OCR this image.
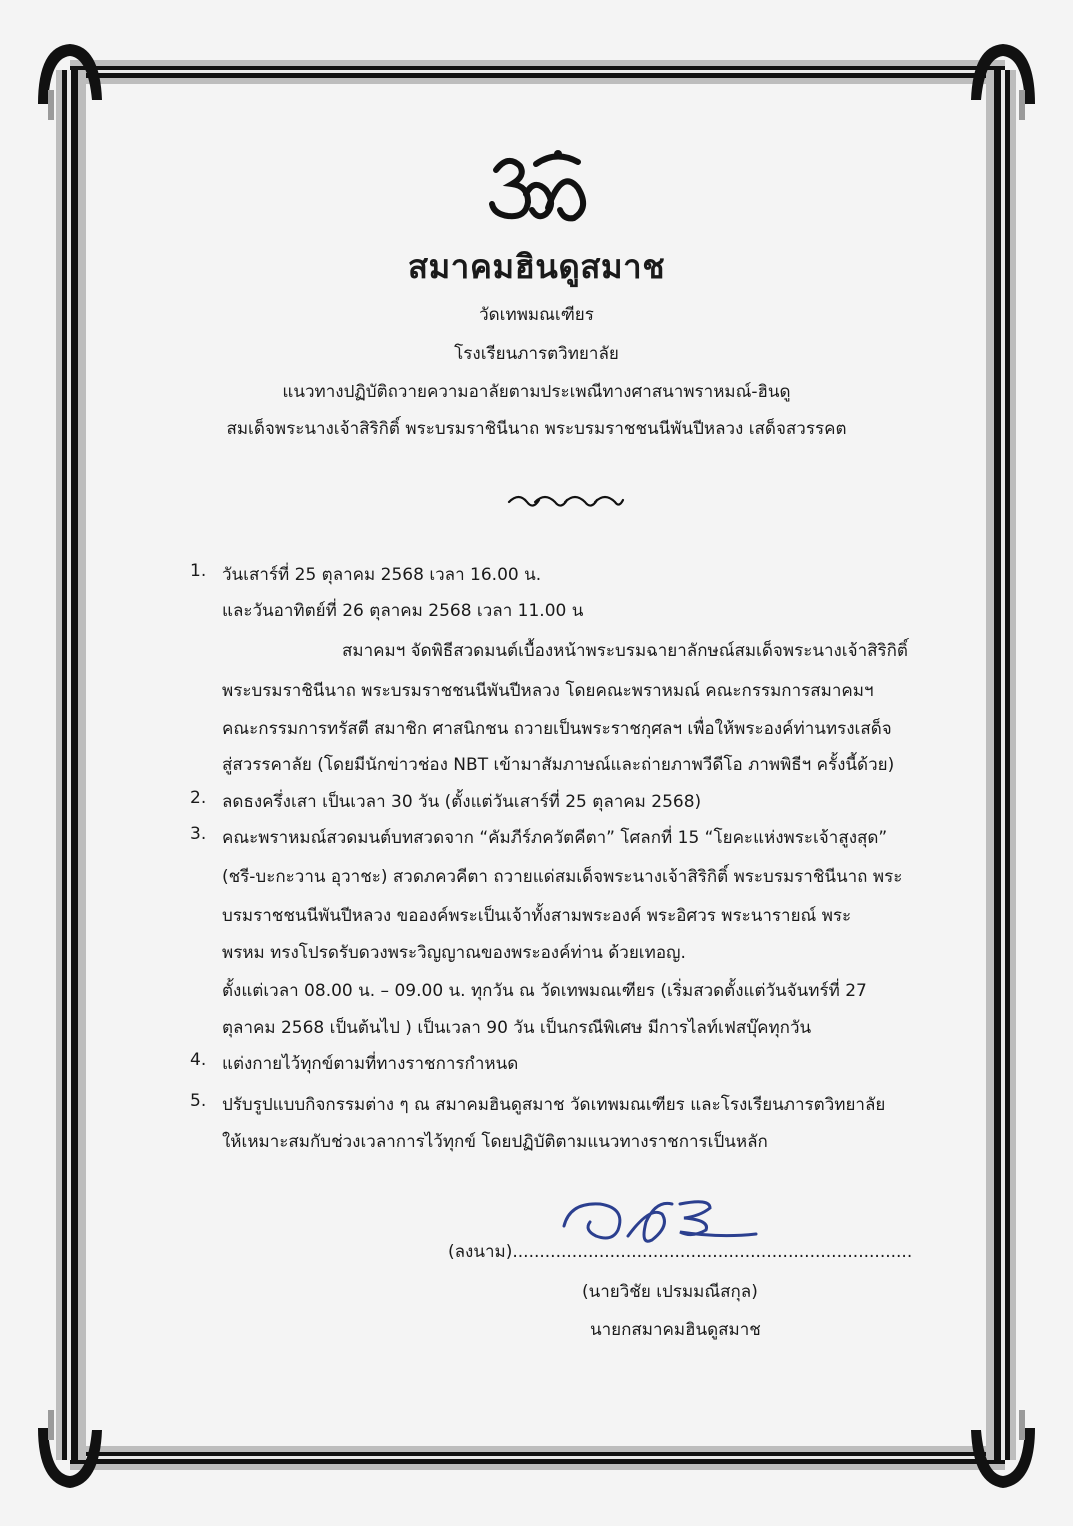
สมาคมฮินดูสมาช
วัดเทพมณเฑียร
โรงเรียนภารตวิทยาลัย
แนวทางปฏิบัติถวายความอาลัยตามประเพณีทางศาสนาพราหมณ์-ฮินดู
สมเด็จพระนางเจ้าสิริกิติ์ พระบรมราชินีนาถ พระบรมราชชนนีพันปีหลวง เสด็จสวรรคต
1. วันเสาร์ที่ 25 ตุลาคม 2568 เวลา 16.00 น.
และวันอาทิตย์ที่ 26 ตุลาคม 2568 เวลา 11.00 น
สมาคมฯ จัดพิธีสวดมนต์เบื้องหน้าพระบรมฉายาลักษณ์สมเด็จพระนางเจ้าสิริกิติ์
พระบรมราชินีนาถ พระบรมราชชนนีพันปีหลวง โดยคณะพราหมณ์ คณะกรรมการสมาคมฯ
คณะกรรมการทรัสตี สมาชิก ศาสนิกชน ถวายเป็นพระราชกุศลฯ เพื่อให้พระองค์ท่านทรงเสด็จ
สู่สวรรคาลัย (โดยมีนักข่าวช่อง NBT เข้ามาสัมภาษณ์และถ่ายภาพวีดีโอ ภาพพิธีฯ ครั้งนี้ด้วย)
2. ลดธงครึ่งเสา เป็นเวลา 30 วัน (ตั้งแต่วันเสาร์ที่ 25 ตุลาคม 2568)
3. คณะพราหมณ์สวดมนต์บทสวดจาก “คัมภีร์ภควัตคีตา” โศลกที่ 15 “โยคะแห่งพระเจ้าสูงสุด”
(ชรี-บะกะวาน อุวาชะ) สวดภควคีตา ถวายแด่สมเด็จพระนางเจ้าสิริกิติ์ พระบรมราชินีนาถ พระ
บรมราชชนนีพันปีหลวง ขอองค์พระเป็นเจ้าทั้งสามพระองค์ พระอิศวร พระนารายณ์ พระ
พรหม ทรงโปรดรับดวงพระวิญญาณของพระองค์ท่าน ด้วยเทอญ.
ตั้งแต่เวลา 08.00 น. – 09.00 น. ทุกวัน ณ วัดเทพมณเฑียร (เริ่มสวดตั้งแต่วันจันทร์ที่ 27
ตุลาคม 2568 เป็นต้นไป ) เป็นเวลา 90 วัน เป็นกรณีพิเศษ มีการไลท์เฟสบุ๊คทุกวัน
4. แต่งกายไว้ทุกข์ตามที่ทางราชการกำหนด
5. ปรับรูปแบบกิจกรรมต่าง ๆ ณ สมาคมฮินดูสมาช วัดเทพมณเฑียร และโรงเรียนภารตวิทยาลัย
ให้เหมาะสมกับช่วงเวลาการไว้ทุกข์ โดยปฏิบัติตามแนวทางราชการเป็นหลัก
(ลงนาม)..........................................................................
(นายวิชัย เปรมมณีสกุล)
นายกสมาคมฮินดูสมาช
